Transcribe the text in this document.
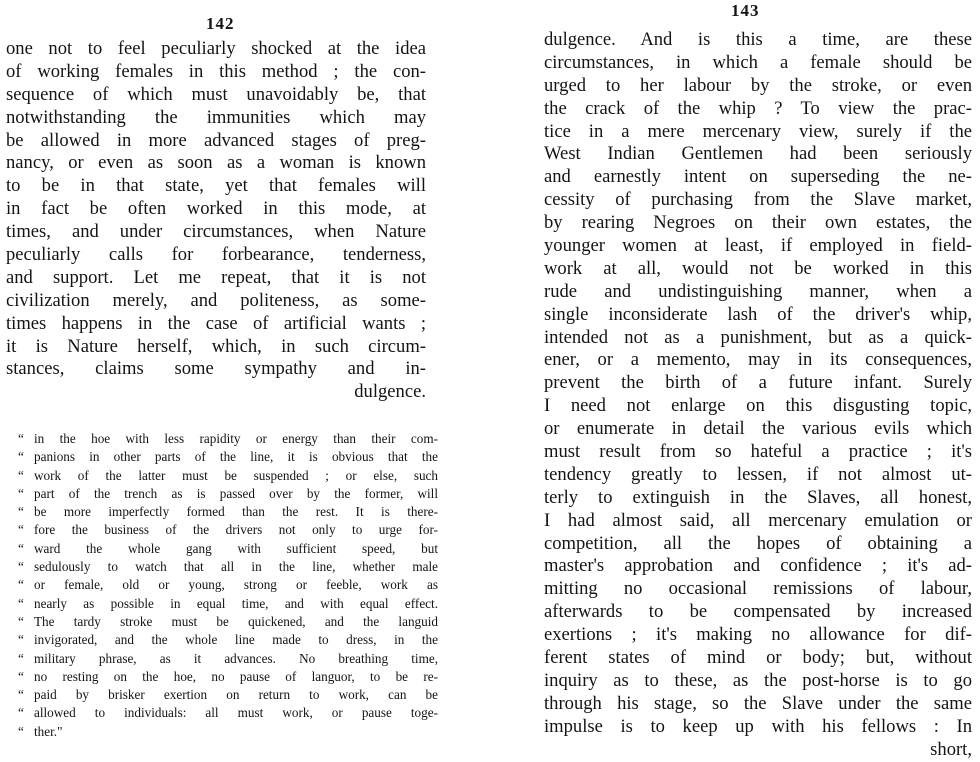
142
one not to feel peculiarly shocked at the idea
of working females in this method ; the con-
sequence of which must unavoidably be, that
notwithstanding the immunities which may
be allowed in more advanced stages of preg-
nancy, or even as soon as a woman is known
to be in that state, yet that females will
in fact be often worked in this mode, at
times, and under circumstances, when Nature
peculiarly calls for forbearance, tenderness,
and support. Let me repeat, that it is not
civilization merely, and politeness, as some-
times happens in the case of artificial wants ;
it is Nature herself, which, in such circum-
stances, claims some sympathy and in-
dulgence.
“ in the hoe with less rapidity or energy than their com-
“ panions in other parts of the line, it is obvious that the
“ work of the latter must be suspended ; or else, such
“ part of the trench as is passed over by the former, will
“ be more imperfectly formed than the rest. It is there-
“ fore the business of the drivers not only to urge for-
“ ward the whole gang with sufficient speed, but
“ sedulously to watch that all in the line, whether male
“ or female, old or young, strong or feeble, work as
“ nearly as possible in equal time, and with equal effect.
“ The tardy stroke must be quickened, and the languid
“ invigorated, and the whole line made to dress, in the
“ military phrase, as it advances. No breathing time,
“ no resting on the hoe, no pause of languor, to be re-
“ paid by brisker exertion on return to work, can be
“ allowed to individuals: all must work, or pause toge-
“ ther."
143
dulgence. And is this a time, are these
circumstances, in which a female should be
urged to her labour by the stroke, or even
the crack of the whip ? To view the prac-
tice in a mere mercenary view, surely if the
West Indian Gentlemen had been seriously
and earnestly intent on superseding the ne-
cessity of purchasing from the Slave market,
by rearing Negroes on their own estates, the
younger women at least, if employed in field-
work at all, would not be worked in this
rude and undistinguishing manner, when a
single inconsiderate lash of the driver's whip,
intended not as a punishment, but as a quick-
ener, or a memento, may in its consequences,
prevent the birth of a future infant. Surely
I need not enlarge on this disgusting topic,
or enumerate in detail the various evils which
must result from so hateful a practice ; it's
tendency greatly to lessen, if not almost ut-
terly to extinguish in the Slaves, all honest,
I had almost said, all mercenary emulation or
competition, all the hopes of obtaining a
master's approbation and confidence ; it's ad-
mitting no occasional remissions of labour,
afterwards to be compensated by increased
exertions ; it's making no allowance for dif-
ferent states of mind or body; but, without
inquiry as to these, as the post-horse is to go
through his stage, so the Slave under the same
impulse is to keep up with his fellows : In
short,
